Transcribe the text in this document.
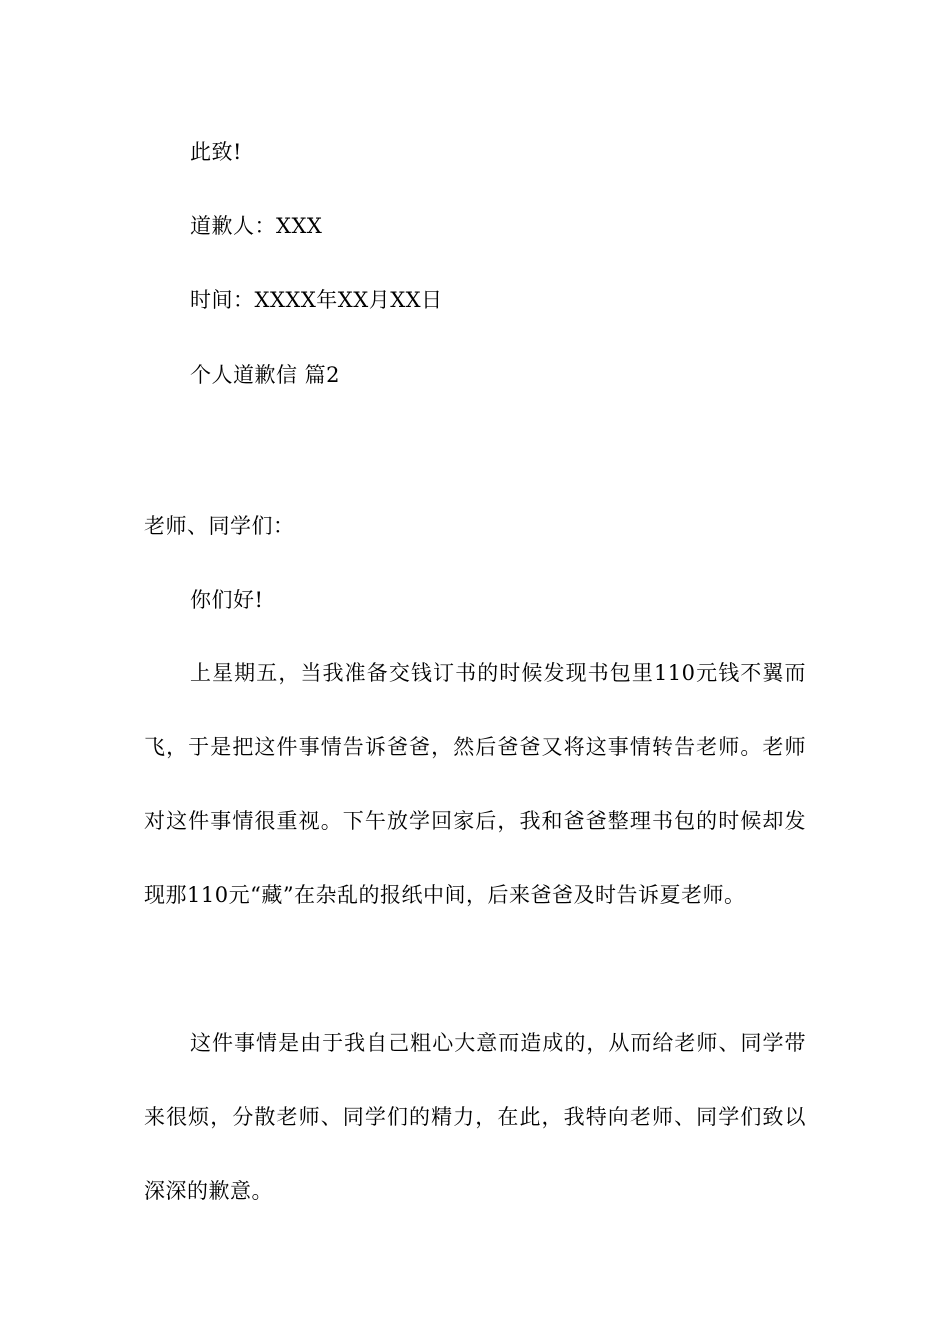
此致!
道歉人：XXX
时间：XXXX年XX月XX日
个人道歉信 篇2
老师、同学们：
你们好!
上星期五，当我准备交钱订书的时候发现书包里110元钱不翼而飞，于是把这件事情告诉爸爸，然后爸爸又将这事情转告老师。老师对这件事情很重视。下午放学回家后，我和爸爸整理书包的时候却发现那110元“藏”在杂乱的报纸中间，后来爸爸及时告诉夏老师。
这件事情是由于我自己粗心大意而造成的，从而给老师、同学带来很烦，分散老师、同学们的精力，在此，我特向老师、同学们致以深深的歉意。
